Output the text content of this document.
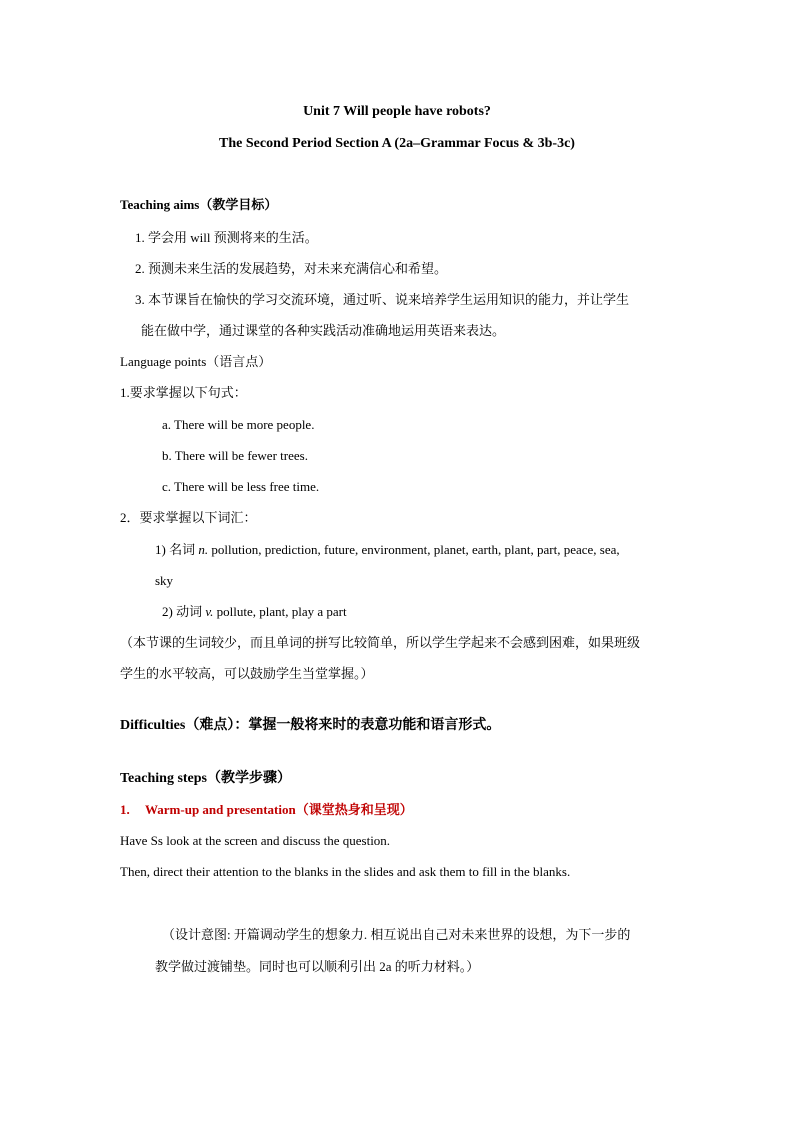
Unit 7 Will people have robots?
The Second Period Section A (2a–Grammar Focus & 3b-3c)
Teaching aims（教学目标）
1. 学会用 will 预测将来的生活。
2. 预测未来生活的发展趋势，对未来充满信心和希望。
3. 本节课旨在愉快的学习交流环境，通过听、说来培养学生运用知识的能力，并让学生
能在做中学，通过课堂的各种实践活动准确地运用英语来表达。
Language points（语言点）
1.要求掌握以下句式：
a. There will be more people.
b. There will be fewer trees.
c. There will be less free time.
2．要求掌握以下词汇：
1) 名词 n. pollution, prediction, future, environment, planet, earth, plant, part, peace, sea,
sky
2) 动词 v. pollute, plant, play a part
（本节课的生词较少，而且单词的拼写比较简单，所以学生学起来不会感到困难，如果班级
学生的水平较高，可以鼓励学生当堂掌握。）
Difficulties（难点）：掌握一般将来时的表意功能和语言形式。
Teaching steps（教学步骤）
1. Warm-up and presentation（课堂热身和呈现）
Have Ss look at the screen and discuss the question.
Then, direct their attention to the blanks in the slides and ask them to fill in the blanks.
（设计意图: 开篇调动学生的想象力. 相互说出自己对未来世界的设想，为下一步的
教学做过渡铺垫。同时也可以顺利引出 2a 的听力材料。）
